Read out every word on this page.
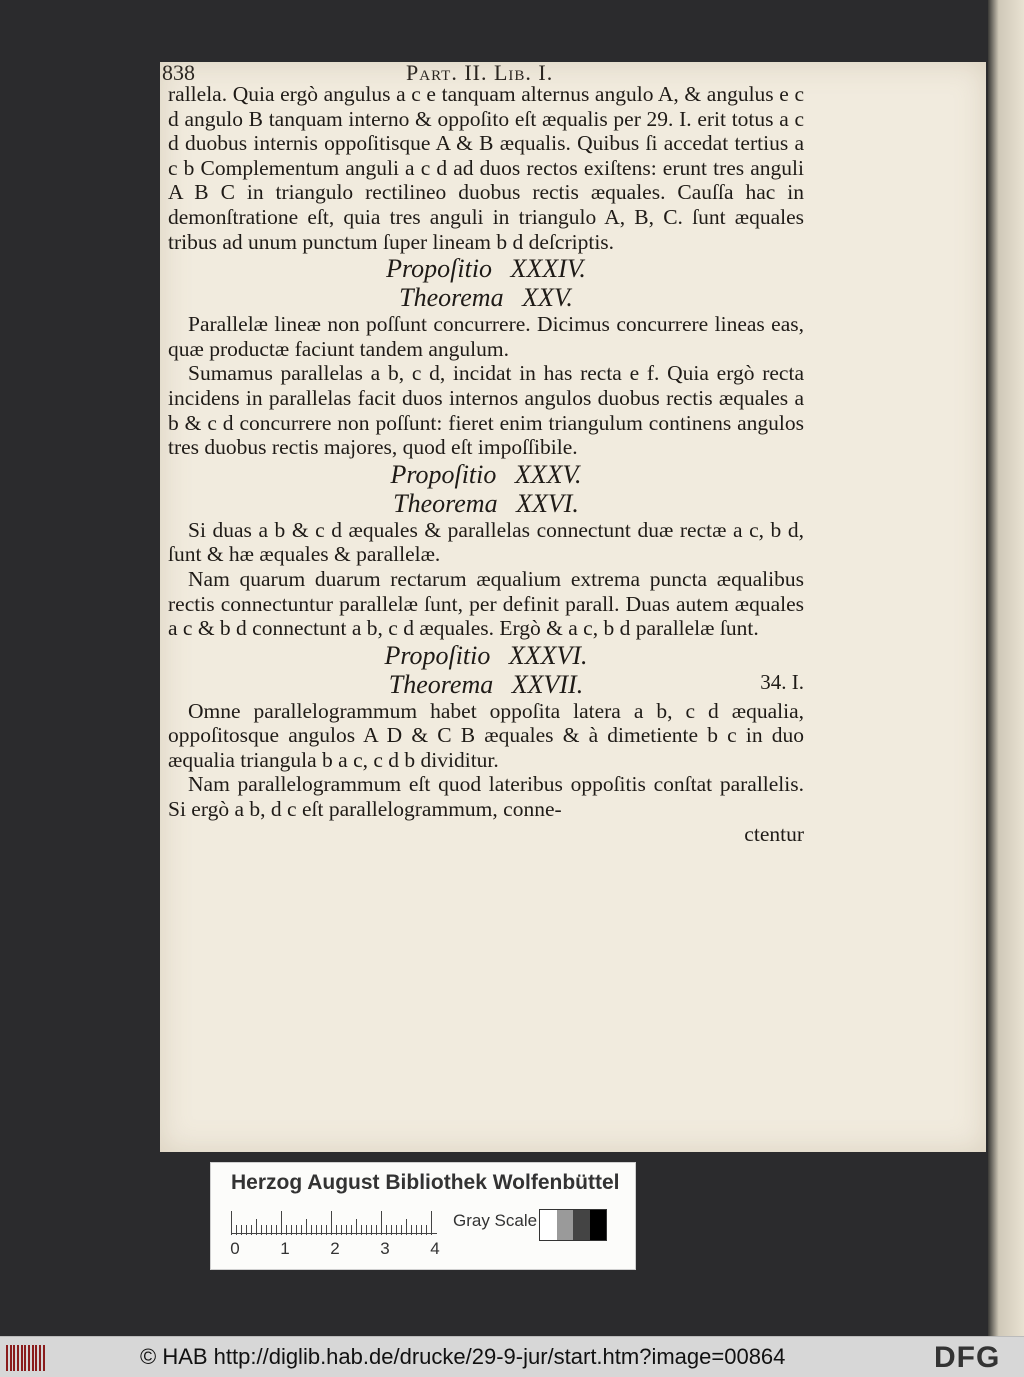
838	Part. II. Lib. I.

rallela. Quia ergò angulus a c e tanquam alternus angulo A, & angulus e c d angulo B tanquam interno & oppoſito eſt æqualis per 29. I. erit totus a c d duobus internis oppoſitisque A & B æqualis. Quibus ſi accedat tertius a c b Complementum anguli a c d ad duos rectos exiſtens: erunt tres anguli A B C in triangulo rectilineo duobus rectis æquales. Cauſſa hac in demonſtratione eſt, quia tres anguli in triangulo A, B, C. ſunt æquales tribus ad unum punctum ſuper lineam b d deſcriptis.

Propoſitio XXXIV.

Theorema XXV.

Parallelæ lineæ non poſſunt concurrere. Dicimus concurrere lineas eas, quæ productæ faciunt tandem angulum.

Sumamus parallelas a b, c d, incidat in has recta e f. Quia ergò recta incidens in parallelas facit duos internos angulos duobus rectis æquales a b & c d concurrere non poſſunt: fieret enim triangulum continens angulos tres duobus rectis majores, quod eſt impoſſibile.

Propoſitio XXXV.

Theorema XXVI.

Si duas a b & c d æquales & parallelas connectunt duæ rectæ a c, b d, ſunt & hæ æquales & parallelæ.

Nam quarum duarum rectarum æqualium extrema puncta æqualibus rectis connectuntur parallelæ ſunt, per definit parall. Duas autem æquales a c & b d connectunt a b, c d æquales. Ergò & a c, b d parallelæ ſunt.

Propoſitio XXXVI.

Theorema XXVII.	34. I.

Omne parallelogrammum habet oppoſita latera a b, c d æqualia, oppoſitosque angulos A D & C B æquales & à dimetiente b c in duo æqualia triangula b a c, c d b dividitur.

Nam parallelogrammum eſt quod lateribus oppoſitis conſtat parallelis. Si ergò a b, d c eſt parallelogrammum, conne-

ctentur

Herzog August Bibliothek Wolfenbüttel
0	1	2	3	4
Gray Scale
© HAB http://diglib.hab.de/drucke/29-9-jur/start.htm?image=00864	DFG
